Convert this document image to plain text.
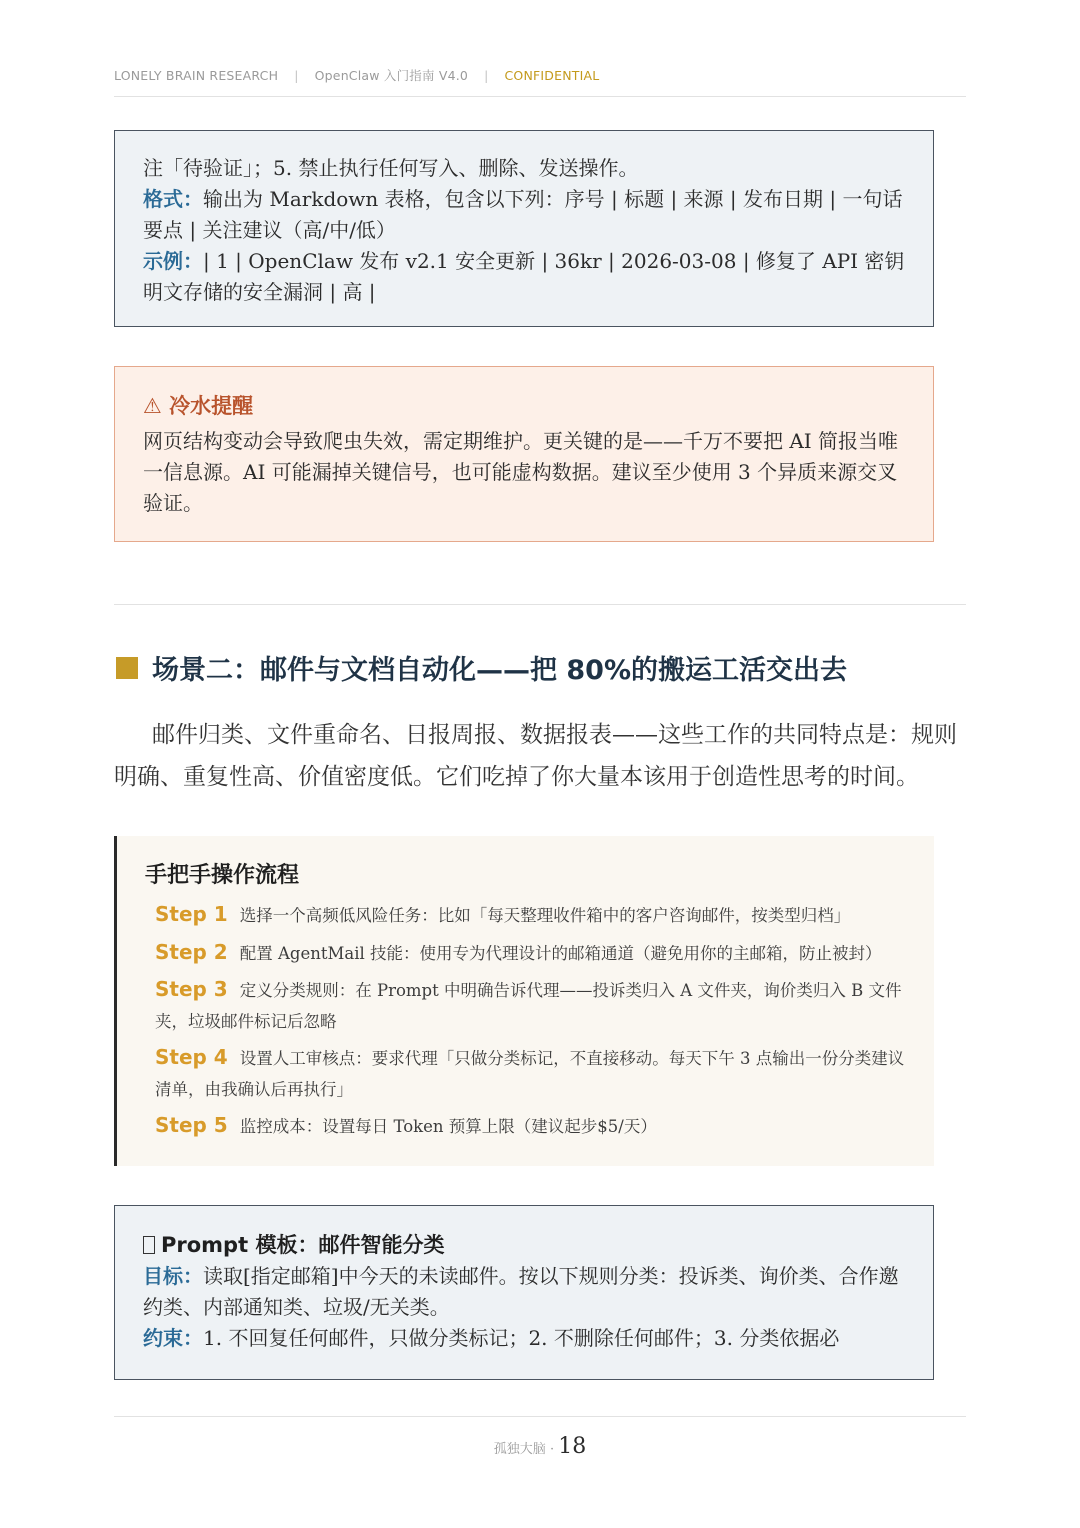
LONELY BRAIN RESEARCH | OpenClaw 入门指南 V4.0 | CONFIDENTIAL

注「待验证」；5. 禁止执行任何写入、删除、发送操作。

格式：输出为 Markdown 表格，包含以下列：序号 | 标题 | 来源 | 发布日期 | 一句话要点 | 关注建议（高/中/低）

示例：| 1 | OpenClaw 发布 v2.1 安全更新 | 36kr | 2026-03-08 | 修复了 API 密钥明文存储的安全漏洞 | 高 |

⚠ 冷水提醒

网页结构变动会导致爬虫失效，需定期维护。更关键的是——千万不要把 AI 简报当唯一信息源。AI 可能漏掉关键信号，也可能虚构数据。建议至少使用 3 个异质来源交叉验证。

场景二：邮件与文档自动化——把 80%的搬运工活交出去

邮件归类、文件重命名、日报周报、数据报表——这些工作的共同特点是：规则明确、重复性高、价值密度低。它们吃掉了你大量本该用于创造性思考的时间。

手把手操作流程
Step 1 选择一个高频低风险任务：比如「每天整理收件箱中的客户咨询邮件，按类型归档」
Step 2 配置 AgentMail 技能：使用专为代理设计的邮箱通道（避免用你的主邮箱，防止被封）
Step 3 定义分类规则：在 Prompt 中明确告诉代理——投诉类归入 A 文件夹，询价类归入 B 文件夹，垃圾邮件标记后忽略
Step 4 设置人工审核点：要求代理「只做分类标记，不直接移动。每天下午 3 点输出一份分类建议清单，由我确认后再执行」
Step 5 监控成本：设置每日 Token 预算上限（建议起步$5/天）
Prompt 模板：邮件智能分类

目标：读取[指定邮箱]中今天的未读邮件。按以下规则分类：投诉类、询价类、合作邀约类、内部通知类、垃圾/无关类。

约束：1. 不回复任何邮件，只做分类标记；2. 不删除任何邮件；3. 分类依据必

孤独大脑 · 18
